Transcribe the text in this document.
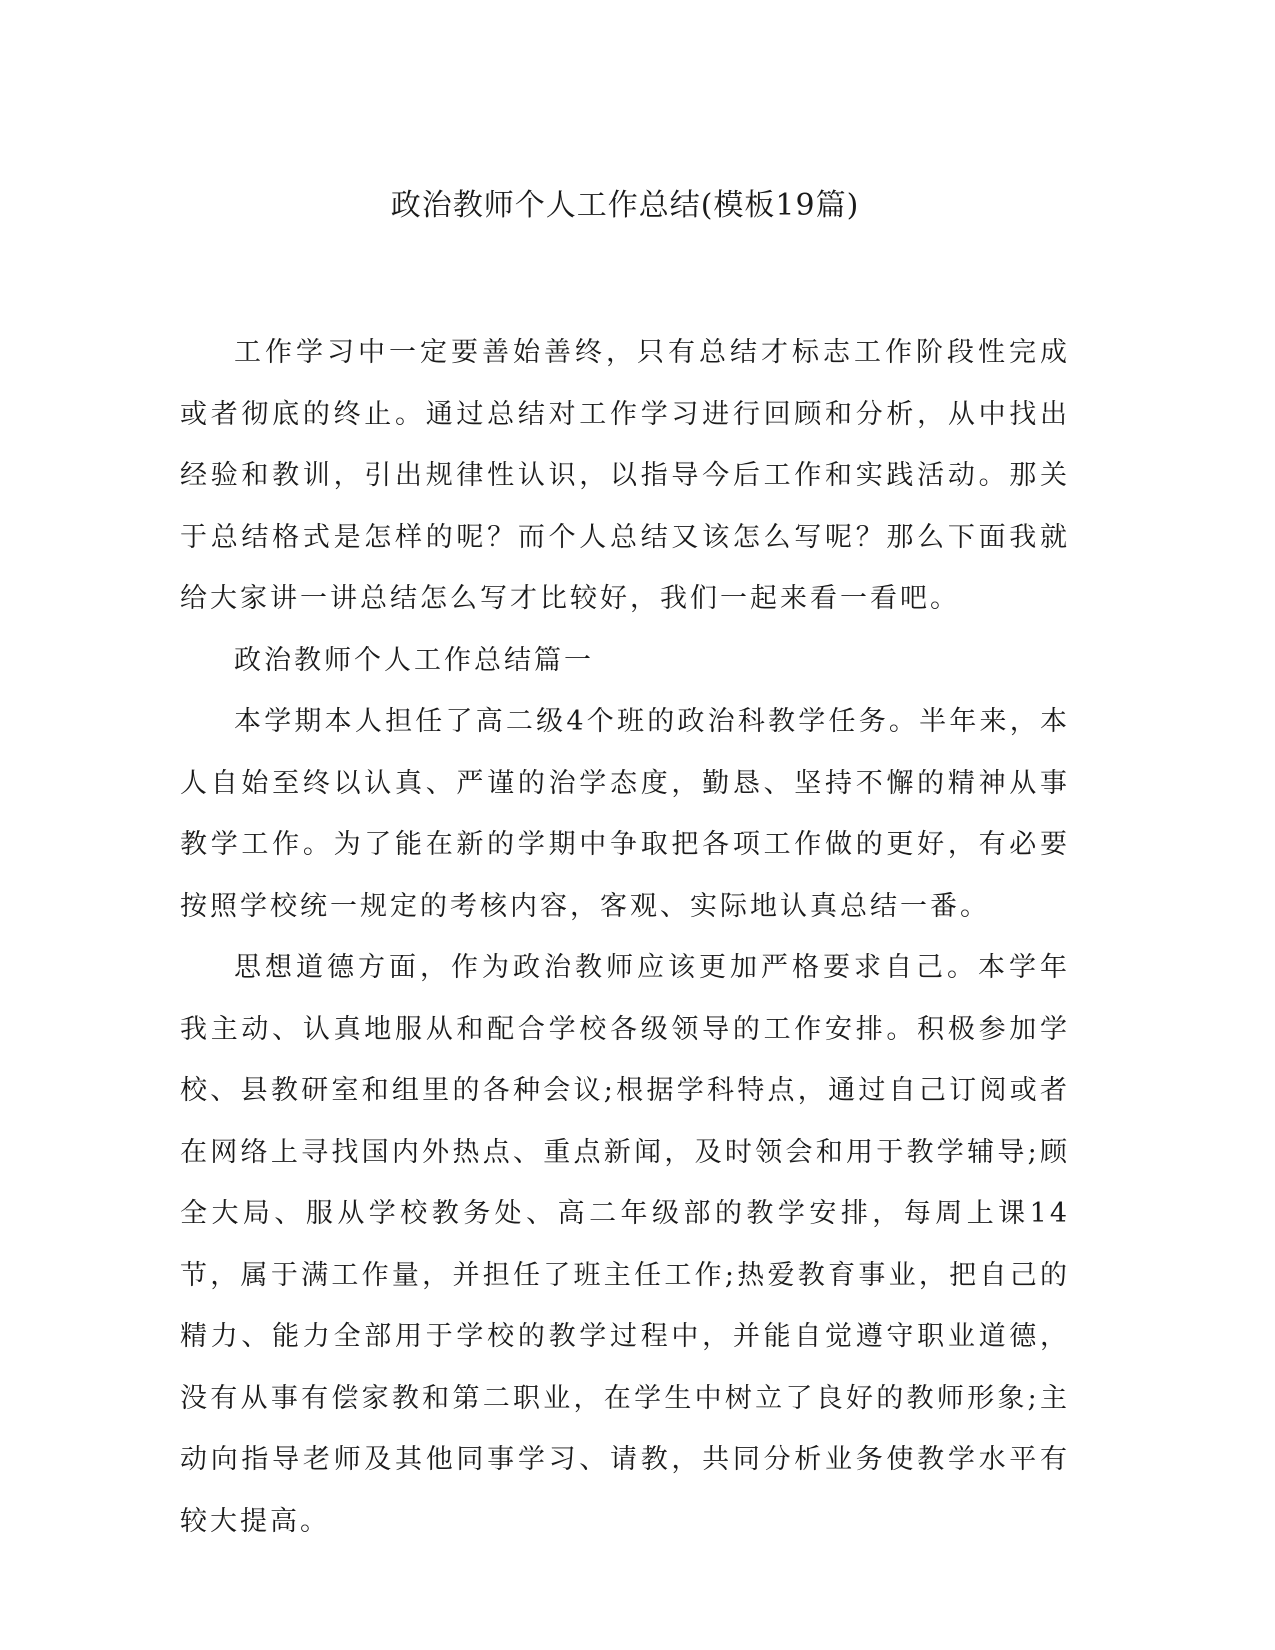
政治教师个人工作总结(模板19篇)

工作学习中一定要善始善终，只有总结才标志工作阶段性完成或者彻底的终止。通过总结对工作学习进行回顾和分析，从中找出经验和教训，引出规律性认识，以指导今后工作和实践活动。那关于总结格式是怎样的呢？而个人总结又该怎么写呢？那么下面我就给大家讲一讲总结怎么写才比较好，我们一起来看一看吧。

政治教师个人工作总结篇一

本学期本人担任了高二级4个班的政治科教学任务。半年来，本人自始至终以认真、严谨的治学态度，勤恳、坚持不懈的精神从事教学工作。为了能在新的学期中争取把各项工作做的更好，有必要按照学校统一规定的考核内容，客观、实际地认真总结一番。

思想道德方面，作为政治教师应该更加严格要求自己。本学年我主动、认真地服从和配合学校各级领导的工作安排。积极参加学校、县教研室和组里的各种会议;根据学科特点，通过自己订阅或者在网络上寻找国内外热点、重点新闻，及时领会和用于教学辅导;顾全大局、服从学校教务处、高二年级部的教学安排，每周上课14节，属于满工作量，并担任了班主任工作;热爱教育事业，把自己的精力、能力全部用于学校的教学过程中，并能自觉遵守职业道德，没有从事有偿家教和第二职业，在学生中树立了良好的教师形象;主动向指导老师及其他同事学习、请教，共同分析业务使教学水平有较大提高。
